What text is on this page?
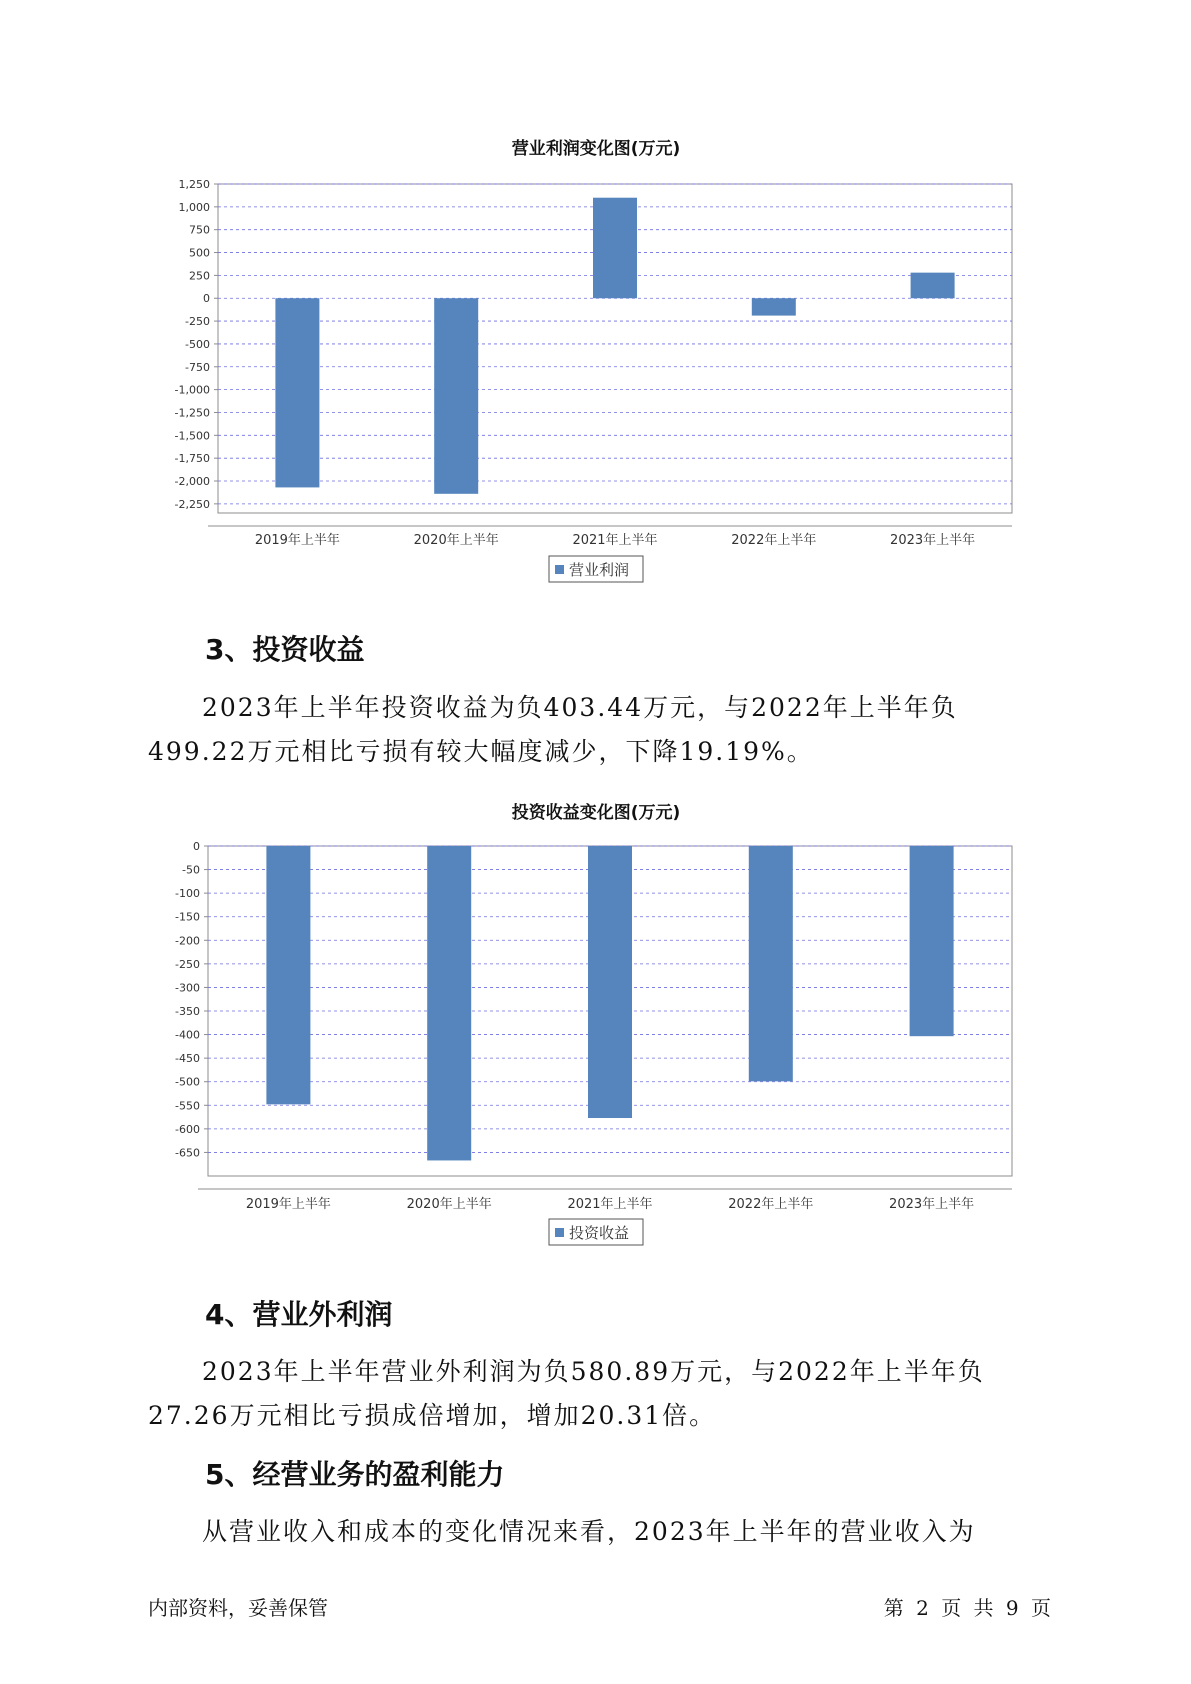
营业利润变化图(万元)
1,250
1,000
750
500
250
0
-250
-500
-750
-1,000
-1,250
-1,500
-1,750
-2,000
-2,250
2019年上半年	2020年上半年	2021年上半年	2022年上半年	2023年上半年
营业利润
3、投资收益

2023年上半年投资收益为负403.44万元，与2022年上半年负499.22万元相比亏损有较大幅度减少，下降19.19%。

投资收益变化图(万元)
0
-50
-100
-150
-200
-250
-300
-350
-400
-450
-500
-550
-600
-650
2019年上半年	2020年上半年	2021年上半年	2022年上半年	2023年上半年
投资收益
4、营业外利润

2023年上半年营业外利润为负580.89万元，与2022年上半年负27.26万元相比亏损成倍增加，增加20.31倍。

5、经营业务的盈利能力

从营业收入和成本的变化情况来看，2023年上半年的营业收入为

内部资料，妥善保管	第 2 页 共 9 页
